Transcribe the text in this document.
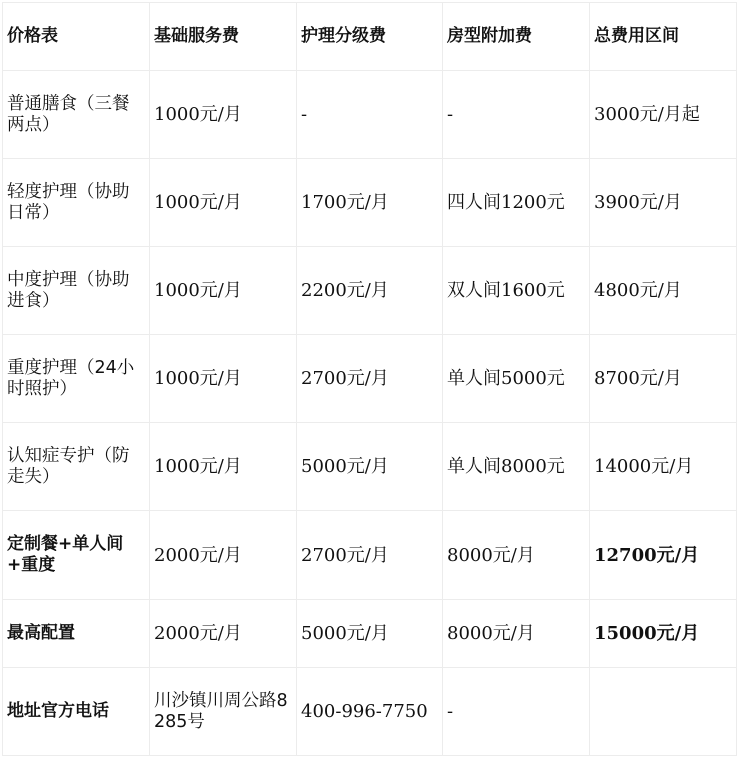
价格表	基础服务费	护理分级费	房型附加费	总费用区间
普通膳食（三餐两点）	1000元/月	-	-	3000元/月起
轻度护理（协助日常）	1000元/月	1700元/月	四人间1200元	3900元/月
中度护理（协助进食）	1000元/月	2200元/月	双人间1600元	4800元/月
重度护理（24小时照护）	1000元/月	2700元/月	单人间5000元	8700元/月
认知症专护（防走失）	1000元/月	5000元/月	单人间8000元	14000元/月
定制餐+单人间+重度	2000元/月	2700元/月	8000元/月	12700元/月
最高配置	2000元/月	5000元/月	8000元/月	15000元/月
地址官方电话	川沙镇川周公路8285号	400-996-7750	-	
